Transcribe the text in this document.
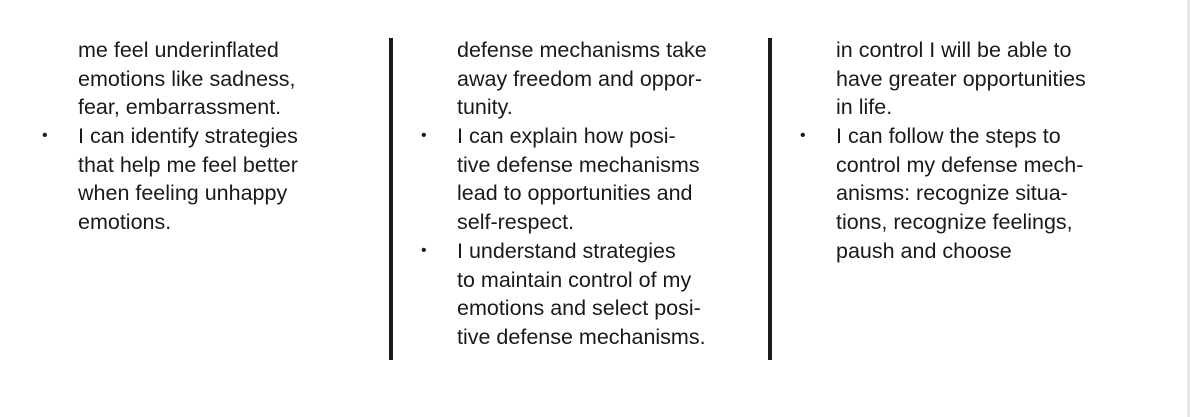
me feel underinflated
emotions like sadness,
fear, embarrassment.
• I can identify strategies
that help me feel better
when feeling unhappy
emotions.
defense mechanisms take
away freedom and oppor-
tunity.
• I can explain how posi-
tive defense mechanisms
lead to opportunities and
self-respect.
• I understand strategies
to maintain control of my
emotions and select posi-
tive defense mechanisms.
in control I will be able to
have greater opportunities
in life.
• I can follow the steps to
control my defense mech-
anisms: recognize situa-
tions, recognize feelings,
paush and choose
